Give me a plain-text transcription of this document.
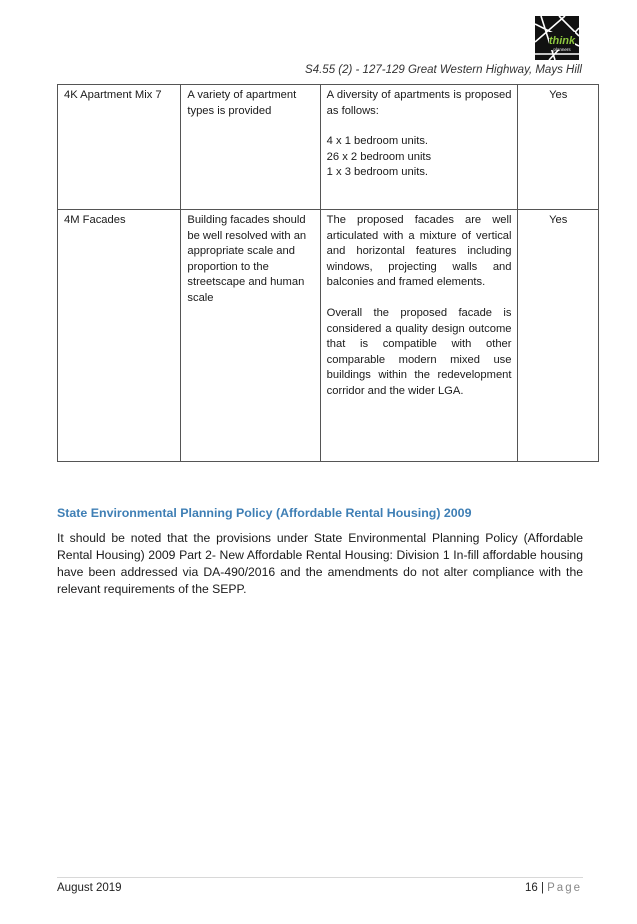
think
planners
S4.55 (2) - 127-129 Great Western Highway, Mays Hill
4K Apartment Mix 7	A variety of apartment types is provided	A diversity of apartments is proposed as follows:

4 x 1 bedroom units.
26 x 2 bedroom units
1 x 3 bedroom units.	Yes
4M Facades	Building facades should be well resolved with an appropriate scale and proportion to the streetscape and human scale	The proposed facades are well articulated with a mixture of vertical and horizontal features including windows, projecting walls and balconies and framed elements.

Overall the proposed facade is considered a quality design outcome that is compatible with other comparable modern mixed use buildings within the redevelopment corridor and the wider LGA.	Yes
State Environmental Planning Policy (Affordable Rental Housing) 2009

It should be noted that the provisions under State Environmental Planning Policy (Affordable Rental Housing) 2009 Part 2- New Affordable Rental Housing: Division 1 In-fill affordable housing have been addressed via DA-490/2016 and the amendments do not alter compliance with the relevant requirements of the SEPP.

August 2019	16 | Page
